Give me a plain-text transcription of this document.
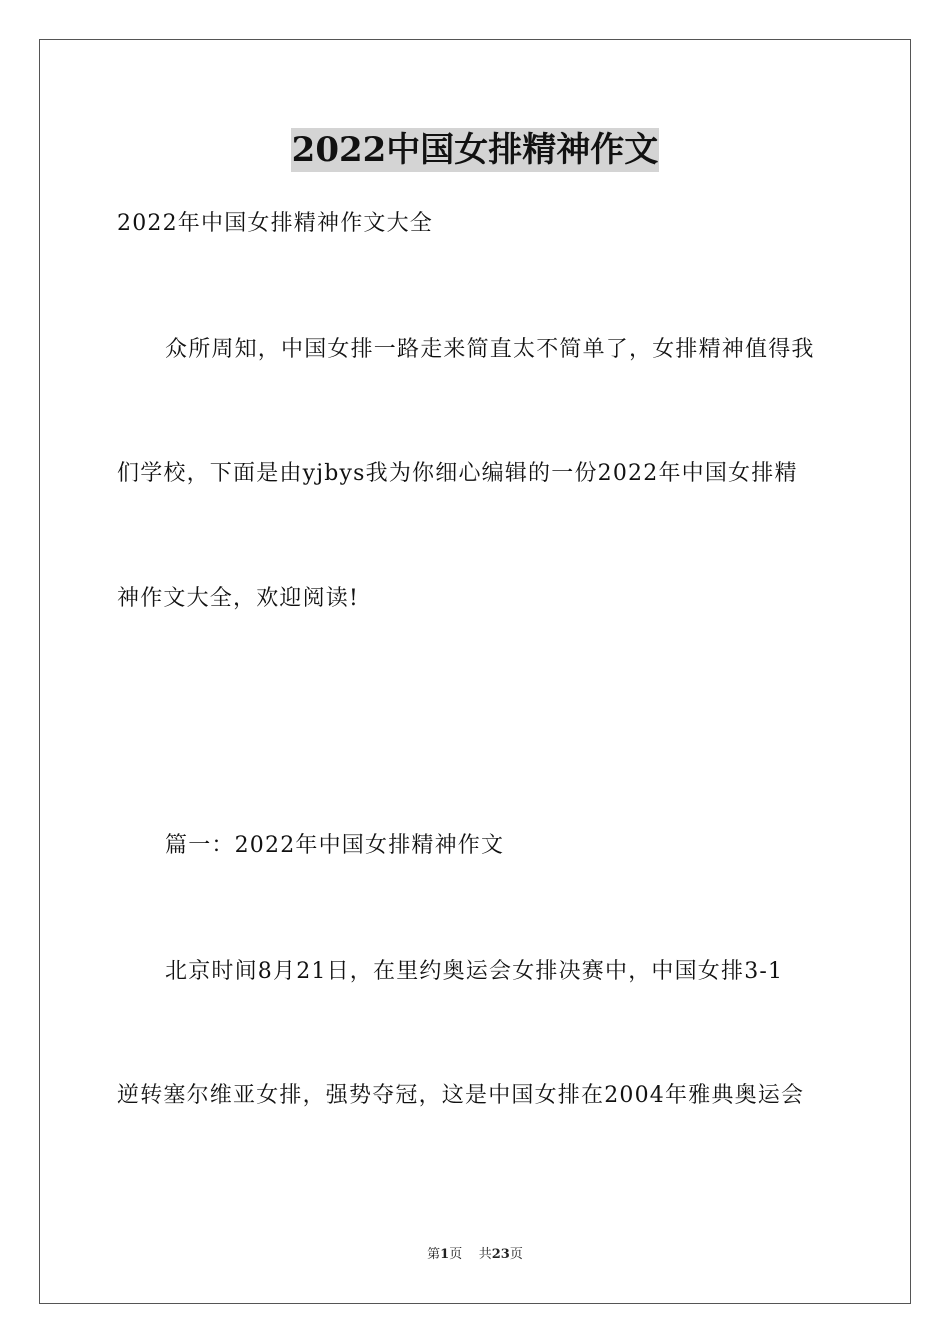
2022中国女排精神作文
2022年中国女排精神作文大全
众所周知，中国女排一路走来简直太不简单了，女排精神值得我
们学校，下面是由yjbys我为你细心编辑的一份2022年中国女排精
神作文大全，欢迎阅读!
篇一：2022年中国女排精神作文
北京时间8月21日，在里约奥运会女排决赛中，中国女排3-1
逆转塞尔维亚女排，强势夺冠，这是中国女排在2004年雅典奥运会
第1页 共23页
